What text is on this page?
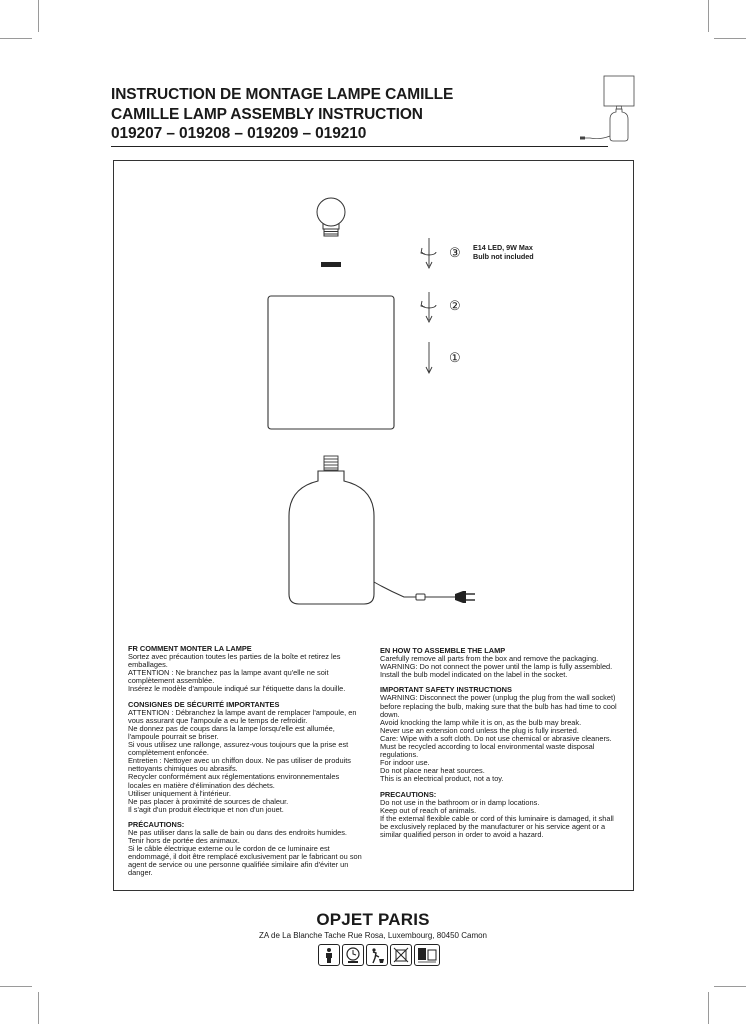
INSTRUCTION DE MONTAGE LAMPE CAMILLE
CAMILLE LAMP ASSEMBLY INSTRUCTION
019207 – 019208 – 019209 – 019210
③
②
①
E14 LED, 9W Max
Bulb not included

FR COMMENT MONTER LA LAMPE

Sortez avec précaution toutes les parties de la boîte et retirez les emballages.

ATTENTION : Ne branchez pas la lampe avant qu'elle ne soit complètement assemblée.

Insérez le modèle d'ampoule indiqué sur l'étiquette dans la douille.

CONSIGNES DE SÉCURITÉ IMPORTANTES

ATTENTION : Débranchez la lampe avant de remplacer l'ampoule, en vous assurant que l'ampoule a eu le temps de refroidir.

Ne donnez pas de coups dans la lampe lorsqu'elle est allumée, l'ampoule pourrait se briser.

Si vous utilisez une rallonge, assurez-vous toujours que la prise est complètement enfoncée.

Entretien : Nettoyer avec un chiffon doux. Ne pas utiliser de produits nettoyants chimiques ou abrasifs.

Recycler conformément aux réglementations environnementales locales en matière d'élimination des déchets.

Utiliser uniquement à l'intérieur.

Ne pas placer à proximité de sources de chaleur.

Il s'agit d'un produit électrique et non d'un jouet.

PRÉCAUTIONS:

Ne pas utiliser dans la salle de bain ou dans des endroits humides.

Tenir hors de portée des animaux.

Si le câble électrique externe ou le cordon de ce luminaire est endommagé, il doit être remplacé exclusivement par le fabricant ou son agent de service ou une personne qualifiée similaire afin d'éviter un danger.

EN HOW TO ASSEMBLE THE LAMP

Carefully remove all parts from the box and remove the packaging.

WARNING: Do not connect the power until the lamp is fully assembled.

Install the bulb model indicated on the label in the socket.

IMPORTANT SAFETY INSTRUCTIONS

WARNING: Disconnect the power (unplug the plug from the wall socket) before replacing the bulb, making sure that the bulb has had time to cool down.

Avoid knocking the lamp while it is on, as the bulb may break.

Never use an extension cord unless the plug is fully inserted.

Care: Wipe with a soft cloth. Do not use chemical or abrasive cleaners.

Must be recycled according to local environmental waste disposal regulations.

For indoor use.

Do not place near heat sources.

This is an electrical product, not a toy.

PRECAUTIONS:

Do not use in the bathroom or in damp locations.

Keep out of reach of animals.

If the external flexible cable or cord of this luminaire is damaged, it shall be exclusively replaced by the manufacturer or his service agent or a similar qualified person in order to avoid a hazard.

OPJET PARIS
ZA de La Blanche Tache Rue Rosa, Luxembourg, 80450 Camon
